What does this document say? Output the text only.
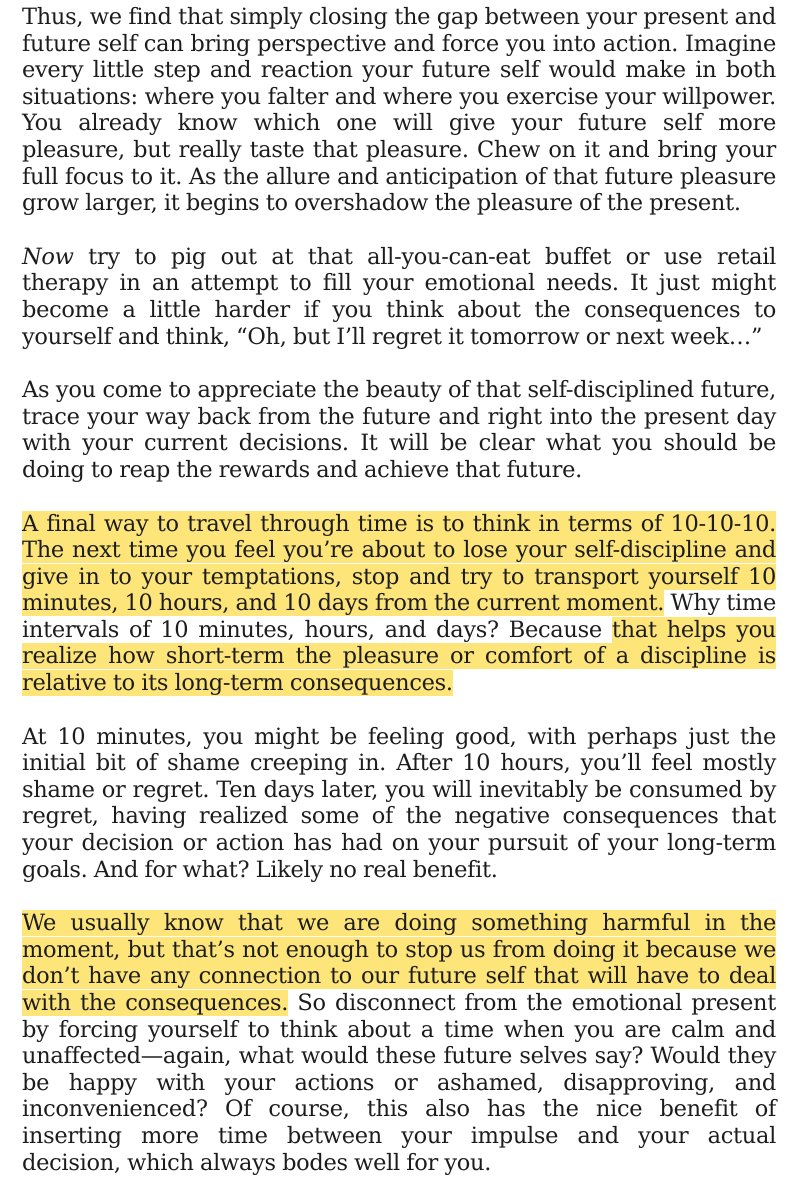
Thus, we find that simply closing the gap between your present and future self can bring perspective and force you into action. Imagine every little step and reaction your future self would make in both situations: where you falter and where you exercise your willpower. You already know which one will give your future self more pleasure, but really taste that pleasure. Chew on it and bring your full focus to it. As the allure and anticipation of that future pleasure grow larger, it begins to overshadow the pleasure of the present.

Now try to pig out at that all-you-can-eat buffet or use retail therapy in an attempt to fill your emotional needs. It just might become a little harder if you think about the consequences to yourself and think, “Oh, but I’ll regret it tomorrow or next week…”

As you come to appreciate the beauty of that self-disciplined future, trace your way back from the future and right into the present day with your current decisions. It will be clear what you should be doing to reap the rewards and achieve that future.

A final way to travel through time is to think in terms of 10-10-10. The next time you feel you’re about to lose your self-discipline and give in to your temptations, stop and try to transport yourself 10 minutes, 10 hours, and 10 days from the current moment. Why time intervals of 10 minutes, hours, and days? Because that helps you realize how short-term the pleasure or comfort of a discipline is relative to its long-term consequences.

At 10 minutes, you might be feeling good, with perhaps just the initial bit of shame creeping in. After 10 hours, you’ll feel mostly shame or regret. Ten days later, you will inevitably be consumed by regret, having realized some of the negative consequences that your decision or action has had on your pursuit of your long-term goals. And for what? Likely no real benefit.

We usually know that we are doing something harmful in the moment, but that’s not enough to stop us from doing it because we don’t have any connection to our future self that will have to deal with the consequences. So disconnect from the emotional present by forcing yourself to think about a time when you are calm and unaffected—again, what would these future selves say? Would they be happy with your actions or ashamed, disapproving, and inconvenienced? Of course, this also has the nice benefit of inserting more time between your impulse and your actual decision, which always bodes well for you.
